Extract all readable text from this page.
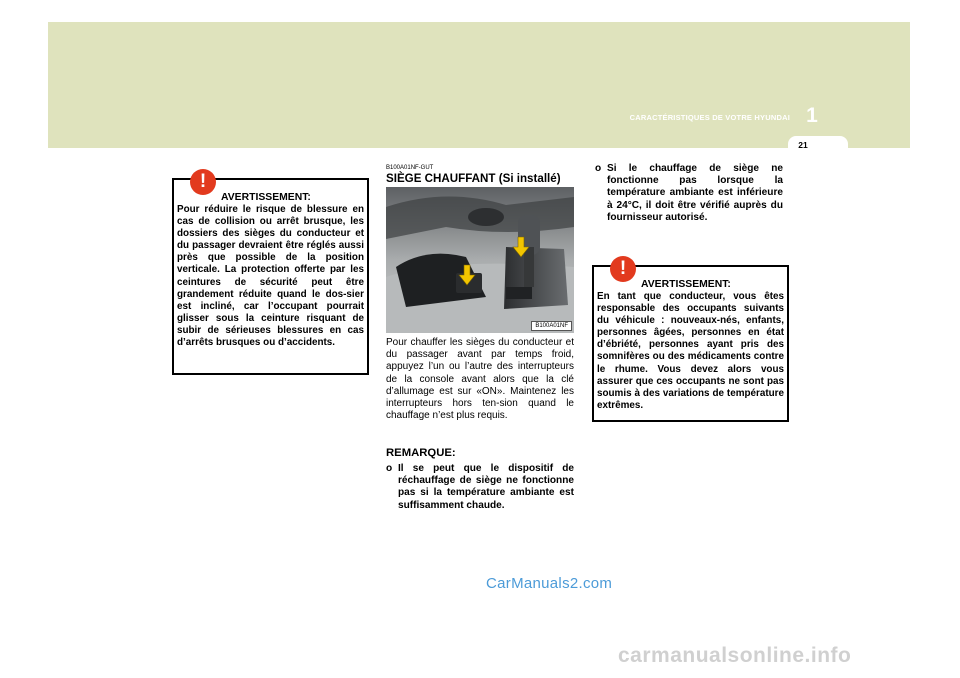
1
CARACTÉRISTIQUES DE VOTRE HYUNDAI
21
!
AVERTISSEMENT:

Pour réduire le risque de blessure en cas de collision ou arrêt brusque, les dossiers des sièges du conducteur et du passager devraient être réglés aussi près que possible de la position verticale. La protection offerte par les ceintures de sécurité peut être grandement réduite quand le dos-sier est incliné, car l’occupant pourrait glisser sous la ceinture risquant de subir de sérieuses blessures en cas d’arrêts brusques ou d’accidents.

B100A01NF-GUT
SIÈGE CHAUFFANT (Si installé)
B100A01NF

Pour chauffer les sièges du conducteur et du passager avant par temps froid, appuyez l’un ou l’autre des interrupteurs de la console avant alors que la clé d’allumage est sur «ON». Maintenez les interrupteurs hors ten-sion quand le chauffage n’est plus requis.

REMARQUE:
o Il se peut que le dispositif de réchauffage de siège ne fonctionne pas si la température ambiante est suffisamment chaude.
o Si le chauffage de siège ne fonctionne pas lorsque la température ambiante est inférieure à 24°C, il doit être vérifié auprès du fournisseur autorisé.
!
AVERTISSEMENT:

En tant que conducteur, vous êtes responsable des occupants suivants du véhicule : nouveaux-nés, enfants, personnes âgées, personnes en état d’ébriété, personnes ayant pris des somnifères ou des médicaments contre le rhume. Vous devez alors vous assurer que ces occupants ne sont pas soumis à des variations de température extrêmes.

CarManuals2.com
carmanualsonline.info
